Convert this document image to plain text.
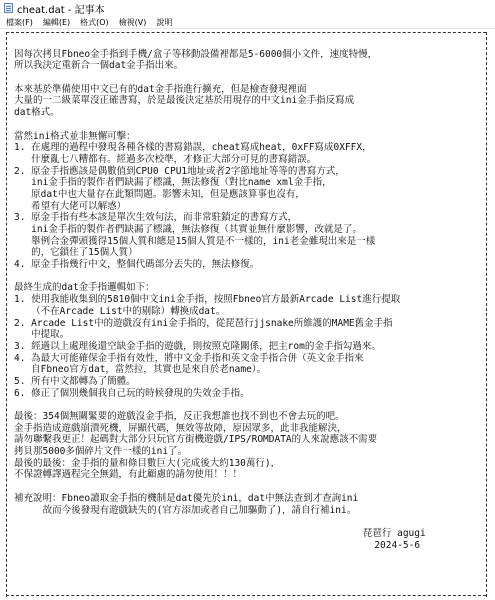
cheat.dat - 記事本
檔案(F)	編輯(E)	格式(O)	檢視(V)	說明
因每次拷貝Fbneo金手指到手機/盒子等移動設備裡都是5-6000個小文件，速度特慢，
所以我決定重新合一個dat金手指出來。
本來基於準備使用中文已有的dat金手指進行擴充，但是檢查發現裡面
大量的一二級菜單沒正確書寫，於是最後決定基於用現存的中文ini金手指反寫成
dat格式。
當然ini格式並非無懈可擊：
1. 在處理的過程中發現各種各樣的書寫錯誤，cheat寫成heat，0xFF寫成0XFFX，
什麼亂七八糟都有。經過多次校準，才修正大部分可見的書寫錯誤。
2. 原金手指應該是偶數值到CPU0 CPU1地址或者2字節地址等等的書寫方式，
ini金手指的製作者們缺漏了標識，無法修復（對比name xml金手指，
原dat中也大量存在此類問題。影響未知，但是應該算事也沒有，
希望有大佬可以解惑）
3. 原金手指有些本該是單次生效句法，而非常駐鎖定的書寫方式，
ini金手指的製作者們缺漏了標識，無法修復（其實並無什麼影響，改就是了。
舉例合金彈頭獲得15個人質和總是15個人質是不一樣的，ini老金雖現出來是一樣
的，它鎖住了15個人質）
4. 原金手指幾行中文，整個代碼部分丟失的，無法修復。
最終生成的dat金手指邏輯如下：
1. 使用我能收集到的5810個中文ini金手指，按照Fbneo官方最新Arcade List進行提取
（不在Arcade List中的剔除）轉換成dat。
2. Arcade List中的遊戲沒有ini金手指的，從琵琶行jjsnake所維護的MAME舊金手指
中提取。
3. 經過以上處理後還空缺金手指的遊戲，則按照克隆關係，把主rom的金手指勾過來。
4. 為最大可能確保金手指有效性，將中文金手指和英文金手指合併（英文金手指來
自Fbneo官方dat，當然拉，其實也是來自於老name）。
5. 所有中文都轉為了簡體。
6. 修正了個別幾個我自己玩的時候發現的失效金手指。
最後：354個無關緊要的遊戲沒金手指，反正我想誰也找不到也不會去玩的吧。
金手指造成遊戲崩潰死機，屏顯代碼，無效等故障，原因眾多，此非我能解決，
請勿聯繫我更正！起碼對大部分只玩官方街機遊戲/IPS/ROMDATA的人來說應該不需要
拷貝那5000多個碎片文件一樣的ini了。
最後的最後：金手指的量和條目數巨大(完成後大約130萬行)，
不保證轉譯過程完全無錯，有此顧慮的請勿使用！！！
補充說明：Fbneo讀取金手指的機制是dat優先於ini，dat中無法查到才查詢ini
故而今後發現有遊戲缺失的(官方添加或者自己加驅動了)，請自行補ini。
琵琶行 agugi
2024-5-6
